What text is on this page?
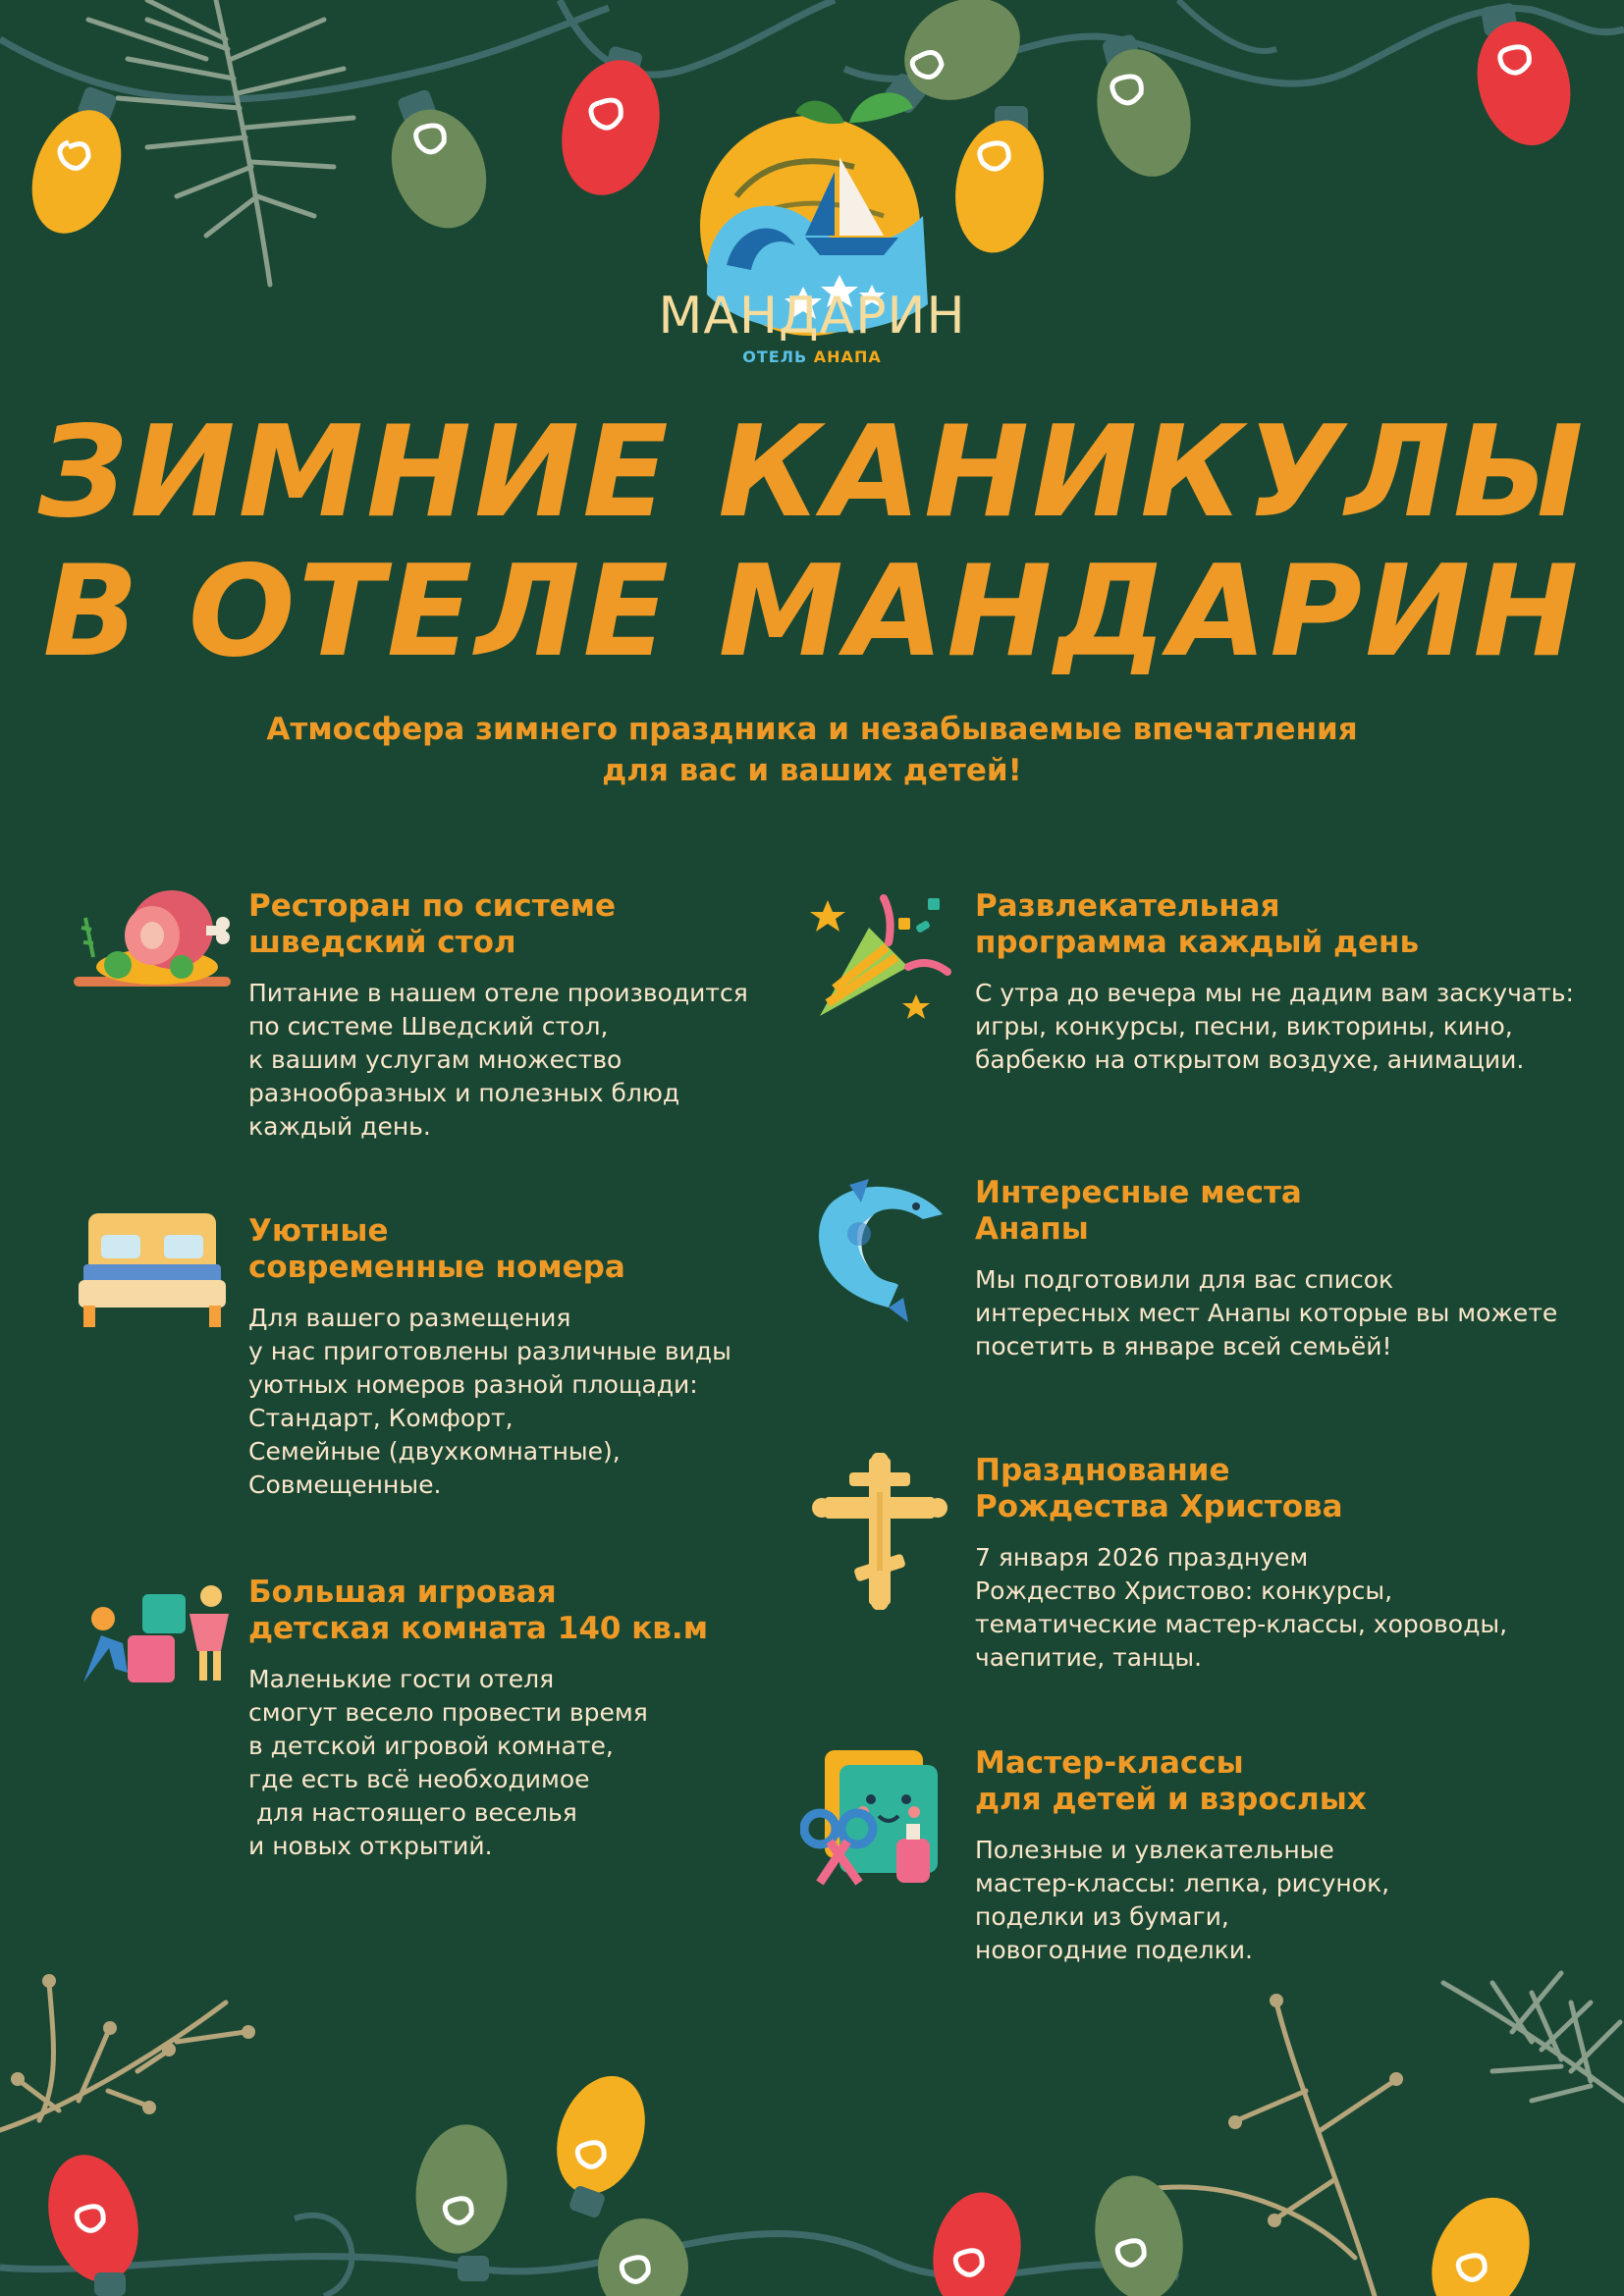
МАНДАРИН
ОТЕЛЬ АНАПА
ЗИМНИЕ КАНИКУЛЫ
В ОТЕЛЕ МАНДАРИН
Атмосфера зимнего праздника и незабываемые впечатления
для вас и ваших детей!
Ресторан по системе
шведский стол
Питание в нашем отеле производится
по системе Шведский стол,
к вашим услугам множество
разнообразных и полезных блюд
каждый день.
Уютные
современные номера
Для вашего размещения
у нас приготовлены различные виды
уютных номеров разной площади:
Стандарт, Комфорт,
Семейные (двухкомнатные),
Совмещенные.
Большая игровая
детская комната 140 кв.м
Маленькие гости отеля
смогут весело провести время
в детской игровой комнате,
где есть всё необходимое
для настоящего веселья
и новых открытий.
Развлекательная
программа каждый день
С утра до вечера мы не дадим вам заскучать:
игры, конкурсы, песни, викторины, кино,
барбекю на открытом воздухе, анимации.
Интересные места
Анапы
Мы подготовили для вас список
интересных мест Анапы которые вы можете
посетить в январе всей семьёй!
Празднование
Рождества Христова
7 января 2026 празднуем
Рождество Христово: конкурсы,
тематические мастер-классы, хороводы,
чаепитие, танцы.
Мастер-классы
для детей и взрослых
Полезные и увлекательные
мастер-классы: лепка, рисунок,
поделки из бумаги,
новогодние поделки.
